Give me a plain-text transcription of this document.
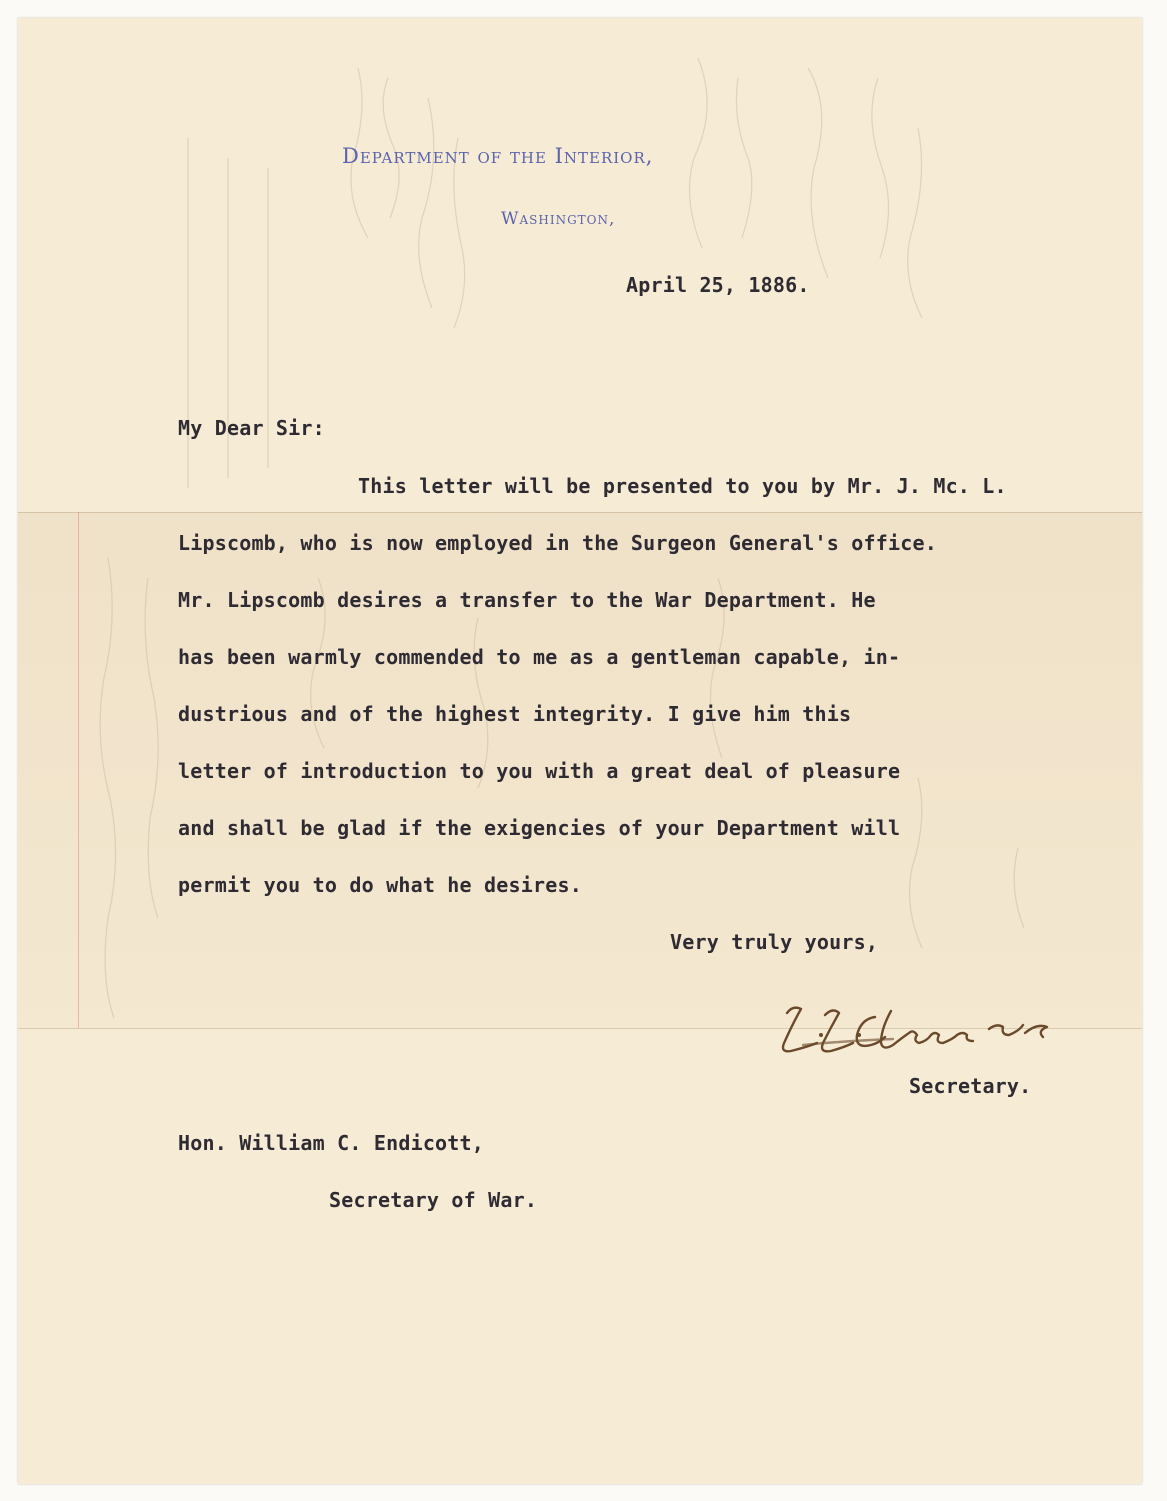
Department of the Interior,
Washington,
April 25, 1886.
My Dear Sir:
This letter will be presented to you by Mr. J. Mc. L.
Lipscomb, who is now employed in the Surgeon General's office.
Mr. Lipscomb desires a transfer to the War Department. He
has been warmly commended to me as a gentleman capable, in-
dustrious and of the highest integrity. I give him this
letter of introduction to you with a great deal of pleasure
and shall be glad if the exigencies of your Department will
permit you to do what he desires.
Very truly yours,
Secretary.
Hon. William C. Endicott,
Secretary of War.
